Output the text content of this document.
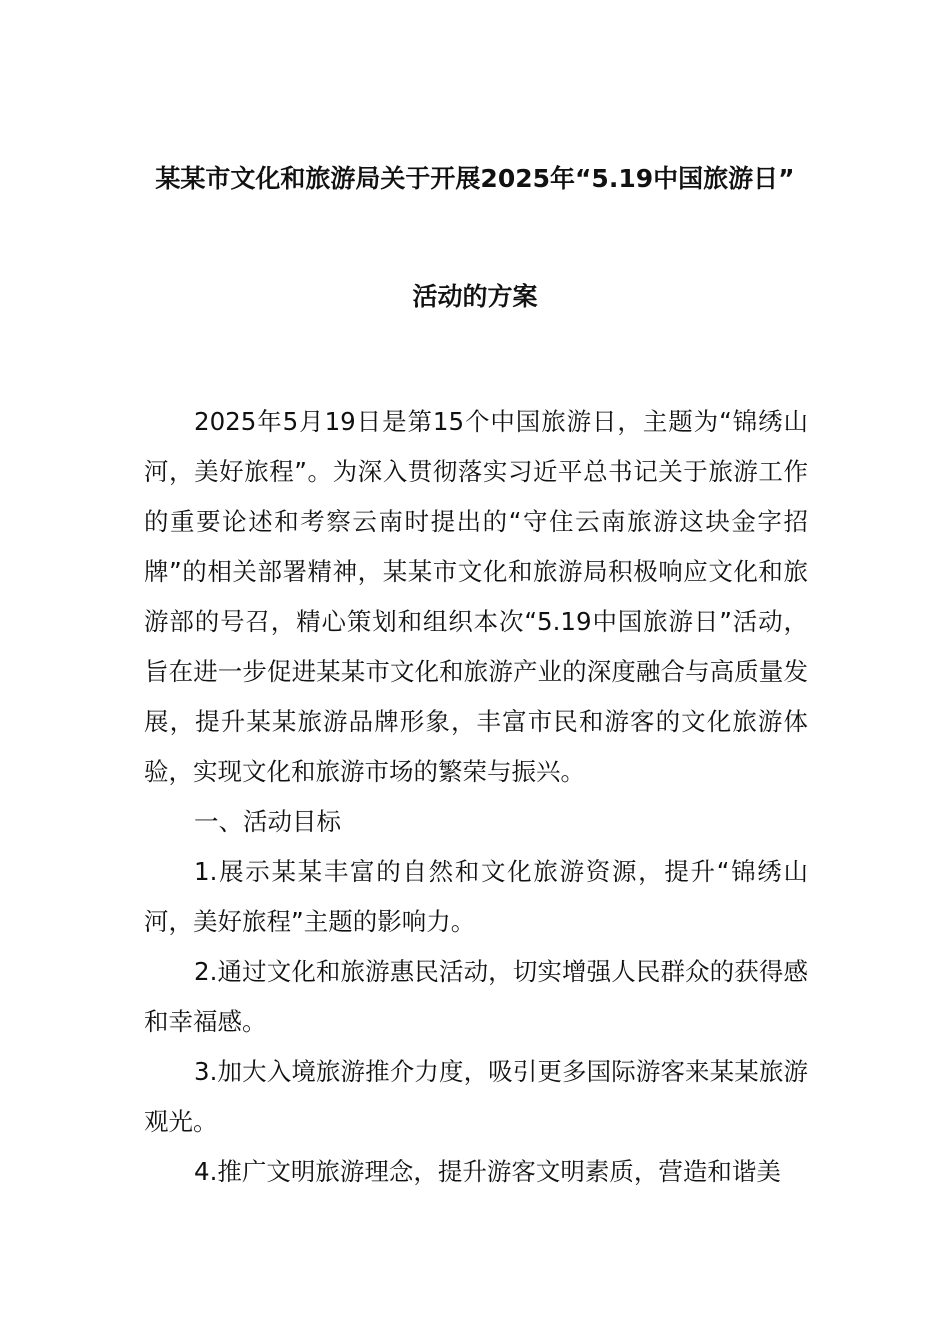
某某市文化和旅游局关于开展2025年“5.19中国旅游日”
活动的方案

2025年5月19日是第15个中国旅游日，主题为“锦绣山河，美好旅程”。为深入贯彻落实习近平总书记关于旅游工作的重要论述和考察云南时提出的“守住云南旅游这块金字招牌”的相关部署精神，某某市文化和旅游局积极响应文化和旅游部的号召，精心策划和组织本次“5.19中国旅游日”活动，旨在进一步促进某某市文化和旅游产业的深度融合与高质量发展，提升某某旅游品牌形象，丰富市民和游客的文化旅游体验，实现文化和旅游市场的繁荣与振兴。

一、活动目标

1.展示某某丰富的自然和文化旅游资源，提升“锦绣山河，美好旅程”主题的影响力。

2.通过文化和旅游惠民活动，切实增强人民群众的获得感和幸福感。

3.加大入境旅游推介力度，吸引更多国际游客来某某旅游观光。

4.推广文明旅游理念，提升游客文明素质，营造和谐美
